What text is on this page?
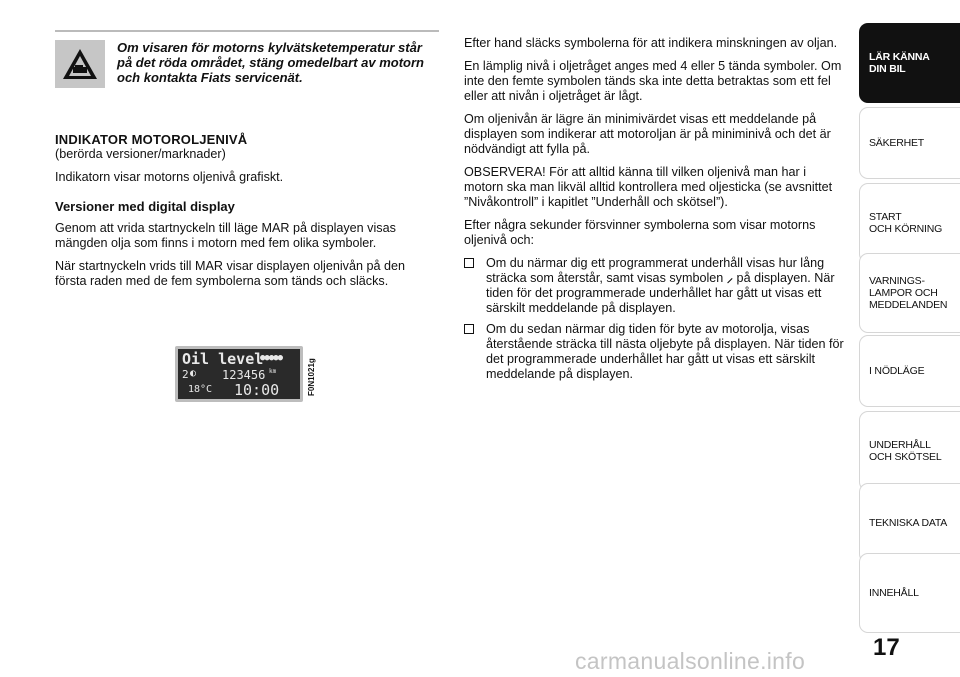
Om visaren för motorns kylvätsketemperatur står på det röda området, stäng omedelbart av motorn och kontakta Fiats servicenät.

INDIKATOR MOTOROLJENIVÅ

(berörda versioner/marknader)

Indikatorn visar motorns oljenivå grafiskt.

Versioner med digital display

Genom att vrida startnyckeln till läge MAR på displayen visas mängden olja som finns i motorn med fem olika symboler.

När startnyckeln vrids till MAR visar displayen oljenivån på den första raden med de fem symbolerna som tänds och släcks.

Oil level
●●●●●
2 ◐ 123456 km
18°C 10:00	F0N1021g

Efter hand släcks symbolerna för att indikera minskningen av oljan.

En lämplig nivå i oljetråget anges med 4 eller 5 tända symboler. Om inte den femte symbolen tänds ska inte detta betraktas som ett fel eller att nivån i oljetråget är lågt.

Om oljenivån är lägre än minimivärdet visas ett meddelande på displayen som indikerar att motoroljan är på miniminivå och det är nödvändigt att fylla på.

OBSERVERA! För att alltid känna till vilken oljenivå man har i motorn ska man likväl alltid kontrollera med oljesticka (se avsnittet ”Nivåkontroll” i kapitlet ”Underhåll och skötsel”).

Efter några sekunder försvinner symbolerna som visar motorns oljenivå och:

Om du närmar dig ett programmerat underhåll visas hur lång sträcka som återstår, samt visas symbolen ⸝ på displayen. När tiden för det programmerade underhållet har gått ut visas ett särskilt meddelande på displayen.

Om du sedan närmar dig tiden för byte av motorolja, visas återstående sträcka till nästa oljebyte på displayen. När tiden för det programmerade underhållet har gått ut visas ett särskilt meddelande på displayen.

LÄR KÄNNA
DIN BIL
SÄKERHET
START
OCH KÖRNING
VARNINGS-
LAMPOR OCH
MEDDELANDEN
I NÖDLÄGE
UNDERHÅLL
OCH SKÖTSEL
TEKNISKA DATA
INNEHÅLL
17
carmanualsonline.info
